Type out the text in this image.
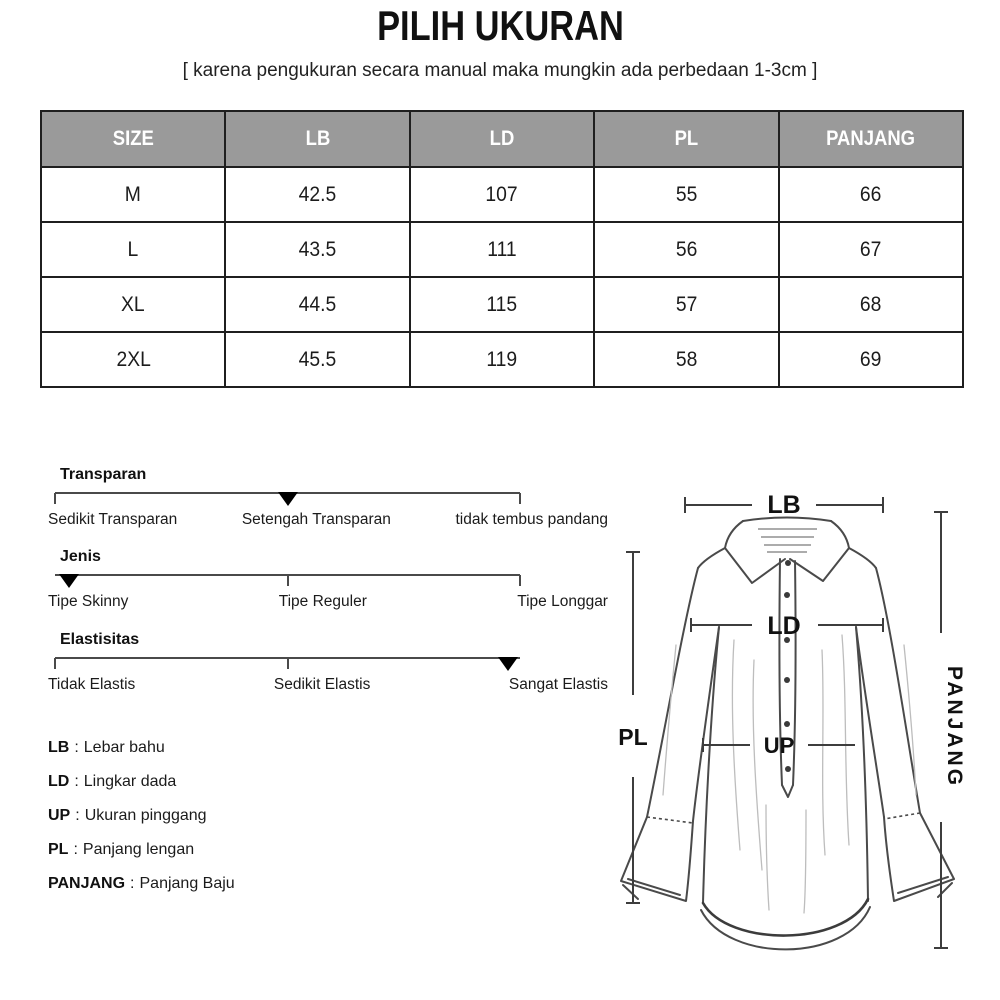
PILIH UKURAN
[ karena pengukuran secara manual maka mungkin ada perbedaan 1-3cm ]
SIZE	LB	LD	PL	PANJANG
M	42.5	107	55	66
L	43.5	111	56	67
XL	44.5	115	57	68
2XL	45.5	119	58	69
Transparan
Sedikit Transparan	Setengah Transparan	tidak tembus pandang
Jenis
Tipe Skinny	Tipe Reguler	Tipe Longgar
Elastisitas
Tidak Elastis	Sedikit Elastis	Sangat Elastis
LB : Lebar bahu
LD : Lingkar dada
UP : Ukuran pinggang
PL : Panjang lengan
PANJANG : Panjang Baju
LB
LD
UP
PL	PANJANG
